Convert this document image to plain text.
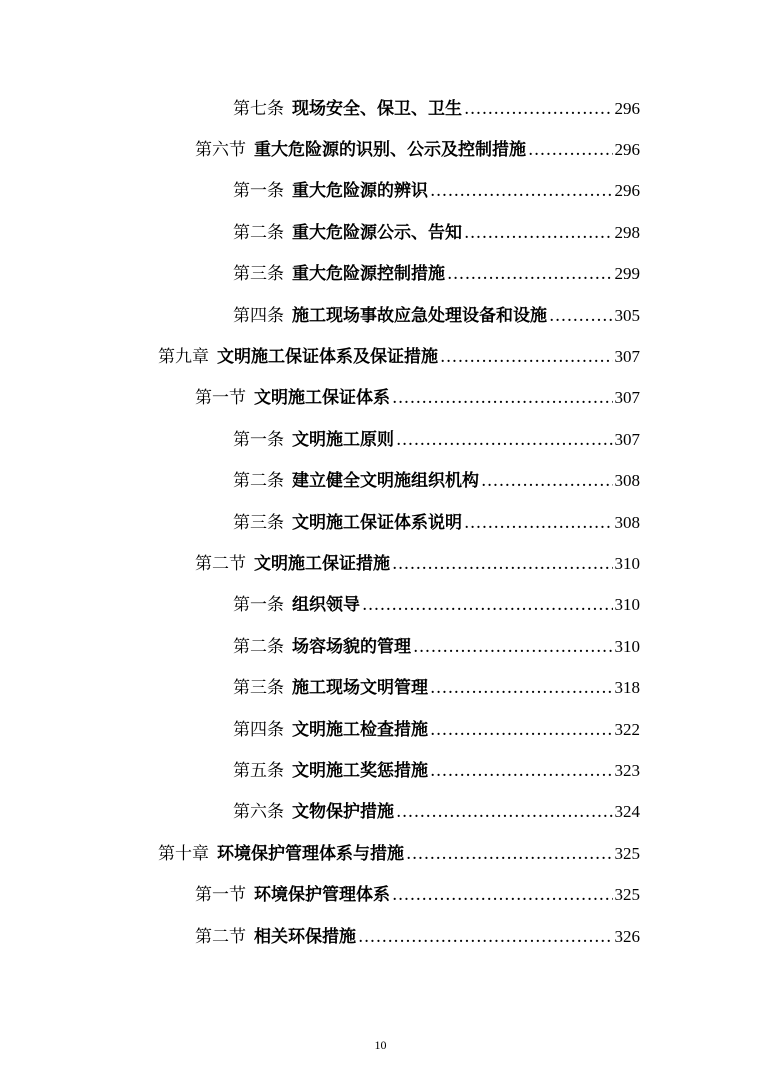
第七条 现场安全、保卫、卫生 .....	296
第六节 重大危险源的识别、公示及控制措施 .....	296
第一条 重大危险源的辨识 .....	296
第二条 重大危险源公示、告知 .....	298
第三条 重大危险源控制措施 .....	299
第四条 施工现场事故应急处理设备和设施 .....	305
第九章 文明施工保证体系及保证措施 .....	307
第一节 文明施工保证体系 .....	307
第一条 文明施工原则 .....	307
第二条 建立健全文明施组织机构 .....	308
第三条 文明施工保证体系说明 .....	308
第二节 文明施工保证措施 .....	310
第一条 组织领导 .....	310
第二条 场容场貌的管理 .....	310
第三条 施工现场文明管理 .....	318
第四条 文明施工检查措施 .....	322
第五条 文明施工奖惩措施 .....	323
第六条 文物保护措施 .....	324
第十章 环境保护管理体系与措施 .....	325
第一节 环境保护管理体系 .....	325
第二节 相关环保措施 .....	326
10
